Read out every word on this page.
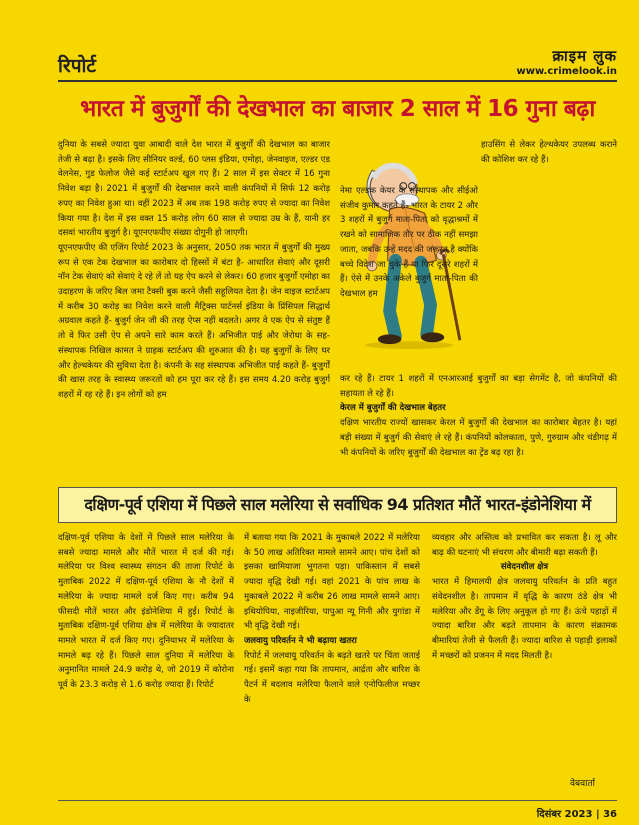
रिपोर्ट	क्राइम लुक
www.crimelook.in
भारत में बुजुर्गों की देखभाल का बाजार 2 साल में 16 गुना बढ़ा

दुनिया के सबसे ज्यादा युवा आबादी वाले देश भारत में बुजुर्गों की देखभाल का बाजार तेजी से बढ़ा है। इसके लिए सीनियर वर्ल्ड, 60 प्लस इंडिया, एमोहा, जेनवाइज, एल्डर एड वेलनेस, गुड फेलोज जैसे कई स्टार्टअप खुल गए हैं। 2 साल में इस सेक्टर में 16 गुना निवेश बढ़ा है। 2021 में बुजुर्गों की देखभाल करने वाली कंपनियों में सिर्फ 12 करोड़ रुपए का निवेश हुआ था। वहीं 2023 में अब तक 198 करोड़ रुपए से ज्यादा का निवेश किया गया है। देश में इस वक्त 15 करोड़ लोग 60 साल से ज्यादा उम्र के हैं, यानी हर दसवां भारतीय बुजुर्ग है। यूएनएफपीए संख्या दोगुनी हो जाएगी।

यूएनएफपीए की एजिंग रिपोर्ट 2023 के अनुसार, 2050 तक भारत में बुजुर्गों की मुख्य रूप से एक टेक देखभाल का कारोबार दो हिस्सों में बंटा है- आधारित सेवाएं और दूसरी नॉन टेक सेवाएं को सेवाएं दे रहे लें तो यह ऐप करने से लेकर। 60 हजार बुजुर्गों एमोहा का उदाहरण के जरिए बिल जमा टैक्सी बुक करने जैसी सहूलियत देता है। जेन वाइज स्टार्टअप में करीब 30 करोड़ का निवेश करने वाली मैट्रिक्स पार्टनर्स इंडिया के प्रिंसिपल सिद्धार्थ अग्रवाल कहते हैं- बुजुर्ग जेन जी की तरह ऐप्स नहीं बदलते। अगर वे एक ऐप से संतुष्ट हैं तो वे फिर उसी ऐप से अपने सारे काम करते हैं। अभिजीत पाई और जेरोधा के सह-संस्थापक निखिल कामत ने ग्राहक स्टार्टअप की शुरुआत की है। यह बुजुर्गों के लिए घर और हेल्थकेयर की सुविधा देता है। कंपनी के सह संस्थापक अभिजीत पाई कहते हैं- बुजुर्गों की खास तरह के स्वास्थ्य जरूरतों को हम पूरा कर रहे हैं। इस समय 4.20 करोड़ बुजुर्ग शहरों में रह रहे हैं। इन लोगों को हम

हाउसिंग से लेकर हेल्थकेयर उपलब्ध कराने की कोशिश कर रहे हैं।

नेमा एल्डक केयर के संस्थापक और सीईओ संजीव कुमार कहते हैं- भारत के टायर 2 और 3 शहरों में बुजुर्ग माता-पिता को वृद्धाश्रमों में रखने को सामाजिक तौर पर ठीक नहीं समझा जाता, जबकि उन्हें मदद की जरूरत है क्योंकि बच्चे विदेश जा चुके हैं या फिर दूसरे शहरों में हैं। ऐसे में उनके अकेले बुजुर्ग माता-पिता की देखभाल हम

कर रहे हैं। टायर 1 शहरों में एनआरआई बुजुर्गों का बड़ा सेगमेंट है, जो कंपनियों की सहायता ले रहे हैं।

केरल में बुजुर्गों की देखभाल बेहतर

दक्षिण भारतीय राज्यों खासकर केरल में बुजुर्गों की देखभाल का कारोबार बेहतर है। यहां बड़ी संख्या में बुजुर्ग की सेवाएं ले रहे हैं। कंपनियों कोलकाता, पुणे, गुरुग्राम और चंडीगढ़ में भी कंपनियों के जरिए बुजुर्गों की देखभाल का ट्रेंड बढ़ रहा है।

दक्षिण-पूर्व एशिया में पिछले साल मलेरिया से सर्वाधिक 94 प्रतिशत मौतें भारत-इंडोनेशिया में

दक्षिण-पूर्व एशिया के देशों में पिछले साल मलेरिया के सबसे ज्यादा मामले और मौतें भारत में दर्ज की गई। मलेरिया पर विश्व स्वास्थ्य संगठन की ताजा रिपोर्ट के मुताबिक 2022 में दक्षिण-पूर्व एशिया के नौ देशों में मलेरिया के ज्यादा मामले दर्ज किए गए। करीब 94 फीसदी मौतें भारत और इंडोनेशिया में हुईं। रिपोर्ट के मुताबिक दक्षिण-पूर्व एशिया क्षेत्र में मलेरिया के ज्यादातर मामले भारत में दर्ज किए गए। दुनियाभर में मलेरिया के मामले बढ़ रहे हैं। पिछले साल दुनिया में मलेरिया के अनुमानित मामले 24.9 करोड़ थे, जो 2019 में कोरोना पूर्व के 23.3 करोड़ से 1.6 करोड़ ज्यादा हैं। रिपोर्ट

में बताया गया कि 2021 के मुकाबले 2022 में मलेरिया के 50 लाख अतिरिक्त मामले सामने आए। पांच देशों को इसका खामियाजा भुगतना पड़ा। पाकिस्तान में सबसे ज्यादा वृद्धि देखी गई। वहां 2021 के पांच लाख के मुकाबले 2022 में करीब 26 लाख मामले सामने आए। इथियोपिया, नाइजीरिया, पापुआ न्यू गिनी और युगांडा में भी वृद्धि देखी गई।

जलवायु परिवर्तन ने भी बढ़ाया खतरा

रिपोर्ट में जलवायु परिवर्तन के बढ़ते खतरे पर चिंता जताई गई। इसमें कहा गया कि तापमान, आर्द्रता और बारिश के पैटर्न में बदलाव मलेरिया फैलाने वाले एनोफिलीज मच्छर के

व्यवहार और अस्तित्व को प्रभावित कर सकता है। लू और बाढ़ की घटनाएं भी संचरण और बीमारी बढ़ा सकती हैं।

संवेदनशील क्षेत्र

भारत में हिमालयी क्षेत्र जलवायु परिवर्तन के प्रति बहुत संवेदनशील है। तापमान में वृद्धि के कारण ठंडे क्षेत्र भी मलेरिया और डेंगू के लिए अनुकूल हो गए हैं। ऊंचे पहाड़ों में ज्यादा बारिश और बढ़ते तापमान के कारण संक्रामक बीमारियां तेजी से फैलती हैं। ज्यादा बारिश से पहाड़ी इलाकों में मच्छरों को प्रजनन में मदद मिलती है।

वेबवार्ता
दिसंबर 2023 | 36
